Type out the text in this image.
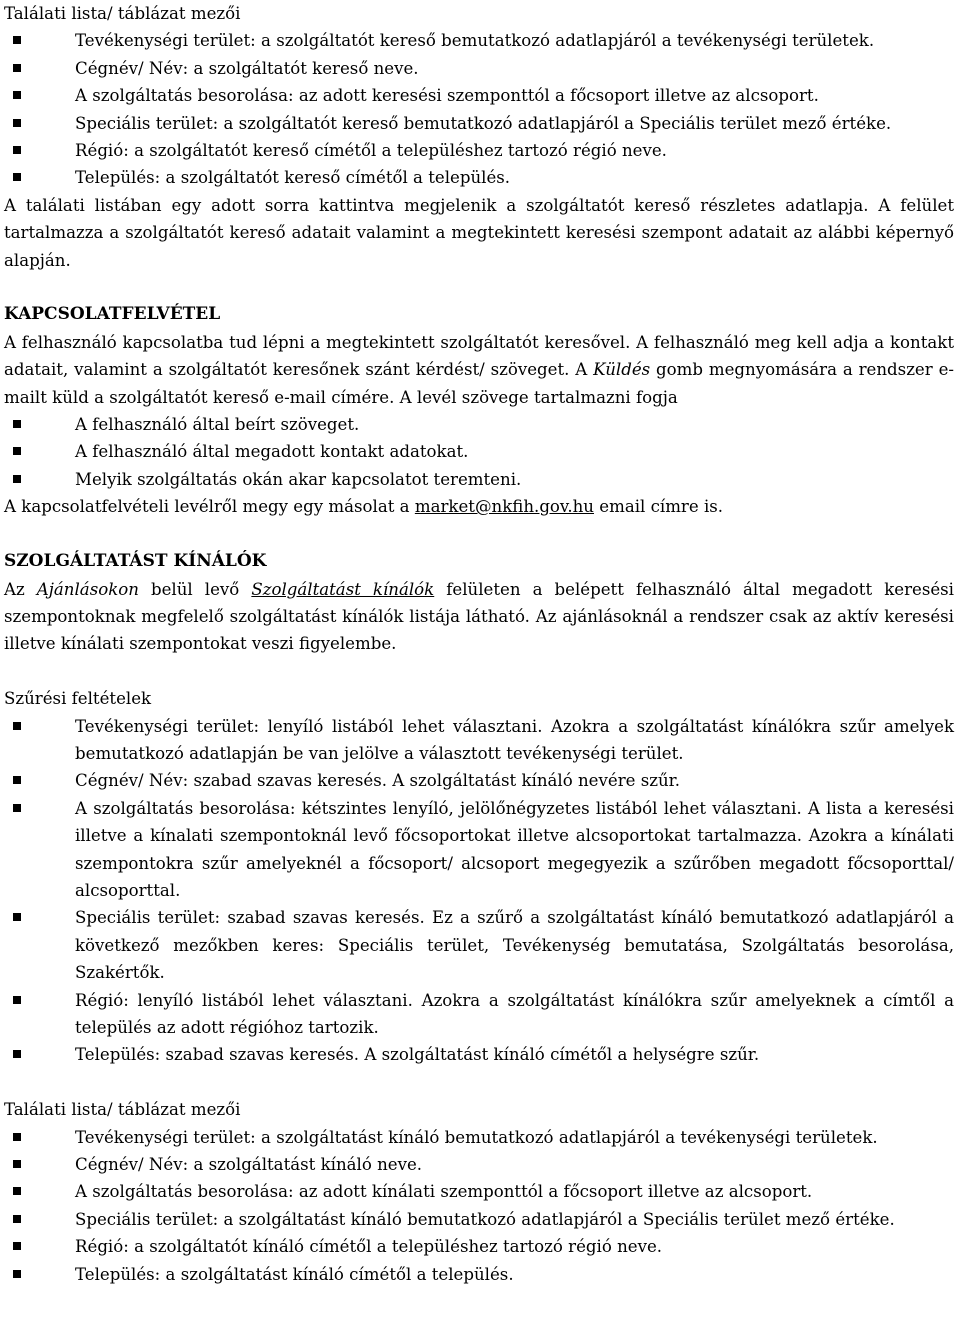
Találati lista/ táblázat mezői

Tevékenységi terület: a szolgáltatót kereső bemutatkozó adatlapjáról a tevékenységi területek.
Cégnév/ Név: a szolgáltatót kereső neve.
A szolgáltatás besorolása: az adott keresési szemponttól a főcsoport illetve az alcsoport.
Speciális terület: a szolgáltatót kereső bemutatkozó adatlapjáról a Speciális terület mező értéke.
Régió: a szolgáltatót kereső címétől a településhez tartozó régió neve.
Település: a szolgáltatót kereső címétől a település.

A találati listában egy adott sorra kattintva megjelenik a szolgáltatót kereső részletes adatlapja. A felület tartalmazza a szolgáltatót kereső adatait valamint a megtekintett keresési szempont adatait az alábbi képernyő alapján.

KAPCSOLATFELVÉTEL

A felhasználó kapcsolatba tud lépni a megtekintett szolgáltatót keresővel. A felhasználó meg kell adja a kontakt adatait, valamint a szolgáltatót keresőnek szánt kérdést/ szöveget. A Küldés gomb megnyomására a rendszer e-mailt küld a szolgáltatót kereső e-mail címére. A levél szövege tartalmazni fogja

A felhasználó által beírt szöveget.
A felhasználó által megadott kontakt adatokat.
Melyik szolgáltatás okán akar kapcsolatot teremteni.

A kapcsolatfelvételi levélről megy egy másolat a market@nkfih.gov.hu email címre is.

SZOLGÁLTATÁST KÍNÁLÓK

Az Ajánlásokon belül levő Szolgáltatást kínálók felületen a belépett felhasználó által megadott keresési szempontoknak megfelelő szolgáltatást kínálók listája látható. Az ajánlásoknál a rendszer csak az aktív keresési illetve kínálati szempontokat veszi figyelembe.

Szűrési feltételek

Tevékenységi terület: lenyíló listából lehet választani. Azokra a szolgáltatást kínálókra szűr amelyek bemutatkozó adatlapján be van jelölve a választott tevékenységi terület.
Cégnév/ Név: szabad szavas keresés. A szolgáltatást kínáló nevére szűr.
A szolgáltatás besorolása: kétszintes lenyíló, jelölőnégyzetes listából lehet választani. A lista a keresési illetve a kínalati szempontoknál levő főcsoportokat illetve alcsoportokat tartalmazza. Azokra a kínálati szempontokra szűr amelyeknél a főcsoport/ alcsoport megegyezik a szűrőben megadott főcsoporttal/ alcsoporttal.
Speciális terület: szabad szavas keresés. Ez a szűrő a szolgáltatást kínáló bemutatkozó adatlapjáról a következő mezőkben keres: Speciális terület, Tevékenység bemutatása, Szolgáltatás besorolása, Szakértők.
Régió: lenyíló listából lehet választani. Azokra a szolgáltatást kínálókra szűr amelyeknek a címtől a település az adott régióhoz tartozik.
Település: szabad szavas keresés. A szolgáltatást kínáló címétől a helységre szűr.

Találati lista/ táblázat mezői

Tevékenységi terület: a szolgáltatást kínáló bemutatkozó adatlapjáról a tevékenységi területek.
Cégnév/ Név: a szolgáltatást kínáló neve.
A szolgáltatás besorolása: az adott kínálati szemponttól a főcsoport illetve az alcsoport.
Speciális terület: a szolgáltatást kínáló bemutatkozó adatlapjáról a Speciális terület mező értéke.
Régió: a szolgáltatót kínáló címétől a településhez tartozó régió neve.
Település: a szolgáltatást kínáló címétől a település.
